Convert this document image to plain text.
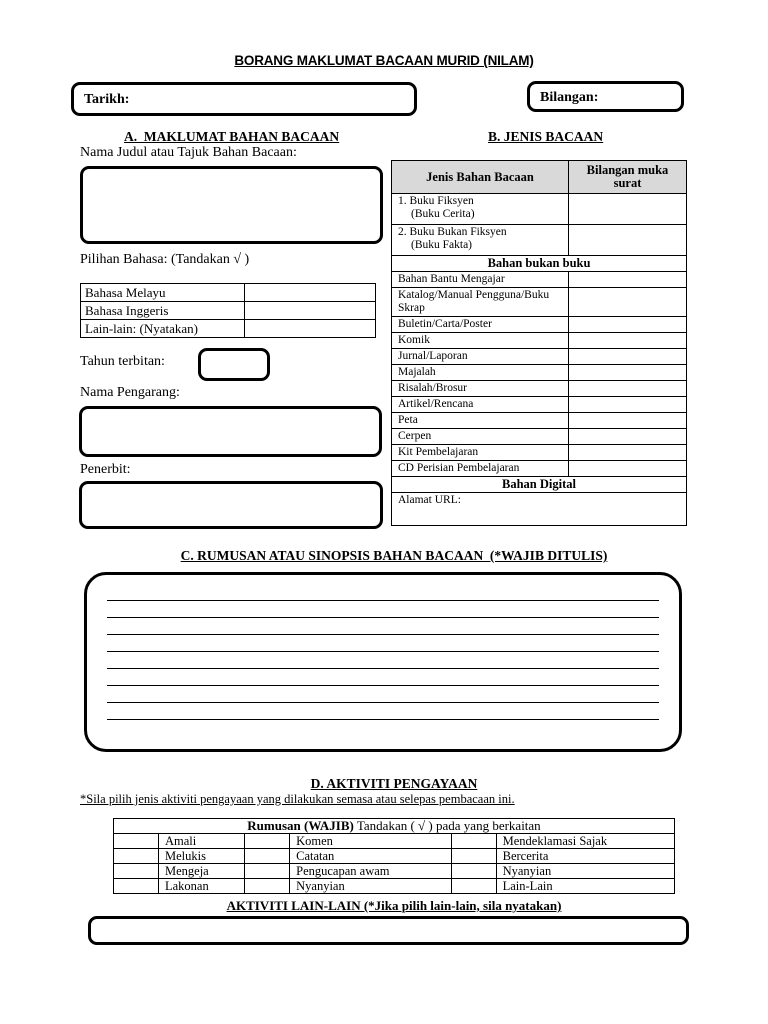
BORANG MAKLUMAT BACAAN MURID (NILAM)
Tarikh:	Bilangan:
A.  MAKLUMAT BAHAN BACAAN
Nama Judul atau Tajuk Bahan Bacaan:
Pilihan Bahasa: (Tandakan √ )
Bahasa Melayu	
Bahasa Inggeris	
Lain-lain: (Nyatakan)	
Tahun terbitan:
Nama Pengarang:
Penerbit:
B. JENIS BACAAN
Jenis Bahan Bacaan	Bilangan muka surat

1. Buku Fiksyen
(Buku Cerita)	

2. Buku Bukan Fiksyen
(Buku Fakta)	

Bahan bukan buku	
Bahan Bantu Mengajar	
Katalog/Manual Pengguna/Buku Skrap	
Buletin/Carta/Poster	
Komik	
Jurnal/Laporan	
Majalah	
Risalah/Brosur	
Artikel/Rencana	
Peta	
Cerpen	
Kit Pembelajaran	
CD Perisian Pembelajaran	
Bahan Digital	
Alamat URL:	
C. RUMUSAN ATAU SINOPSIS BAHAN BACAAN  (*WAJIB DITULIS)
D. AKTIVITI PENGAYAAN
*Sila pilih jenis aktiviti pengayaan yang dilakukan semasa atau selepas pembacaan ini.
Rumusan (WAJIB) Tandakan ( √ ) pada yang berkaitan					
	Amali		Komen		Mendeklamasi Sajak
	Melukis		Catatan		Bercerita
	Mengeja		Pengucapan awam		Nyanyian
	Lakonan		Nyanyian		Lain-Lain
AKTIVITI LAIN-LAIN (*Jika pilih lain-lain, sila nyatakan)
